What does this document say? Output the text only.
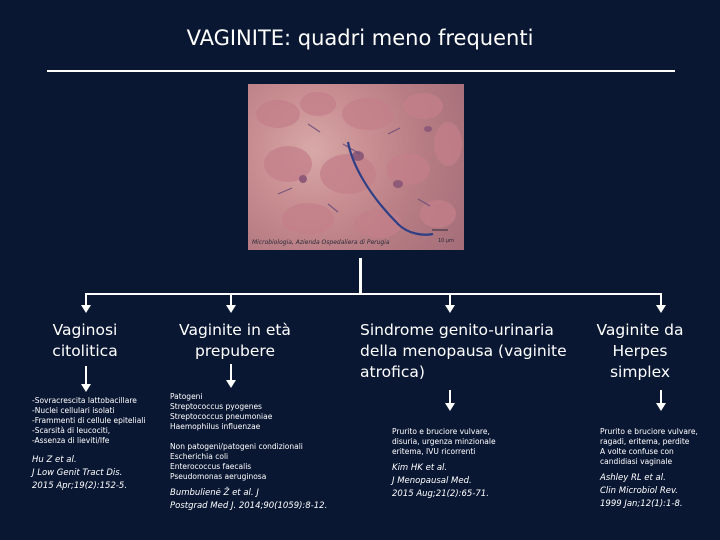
VAGINITE: quadri meno frequenti
Microbiologia, Azienda Ospedaliera di Perugia	10 µm
Vaginosi citolitica
-Sovracrescita lattobacillare
-Nuclei cellulari isolati
-Frammenti di cellule epiteliali
-Scarsità di leucociti,
-Assenza di lieviti/Ife
Hu Z et al.
J Low Genit Tract Dis.
2015 Apr;19(2):152-5.
Vaginite in età prepubere
Patogeni
Streptococcus pyogenes
Streptococcus pneumoniae
Haemophilus influenzae

Non patogeni/patogeni condizionali
Escherichia coli
Enterococcus faecalis
Pseudomonas aeruginosa
Bumbulienė Ž et al. J
Postgrad Med J. 2014;90(1059):8-12.
Sindrome genito-urinaria della menopausa (vaginite atrofica)
Prurito e bruciore vulvare,
disuria, urgenza minzionale
eritema, IVU ricorrenti
Kim HK et al.
J Menopausal Med.
2015 Aug;21(2):65-71.
Vaginite da Herpes simplex
Prurito e bruciore vulvare,
ragadi, eritema, perdite
A volte confuse con
candidiasi vaginale
Ashley RL et al.
Clin Microbiol Rev.
1999 Jan;12(1):1-8.
